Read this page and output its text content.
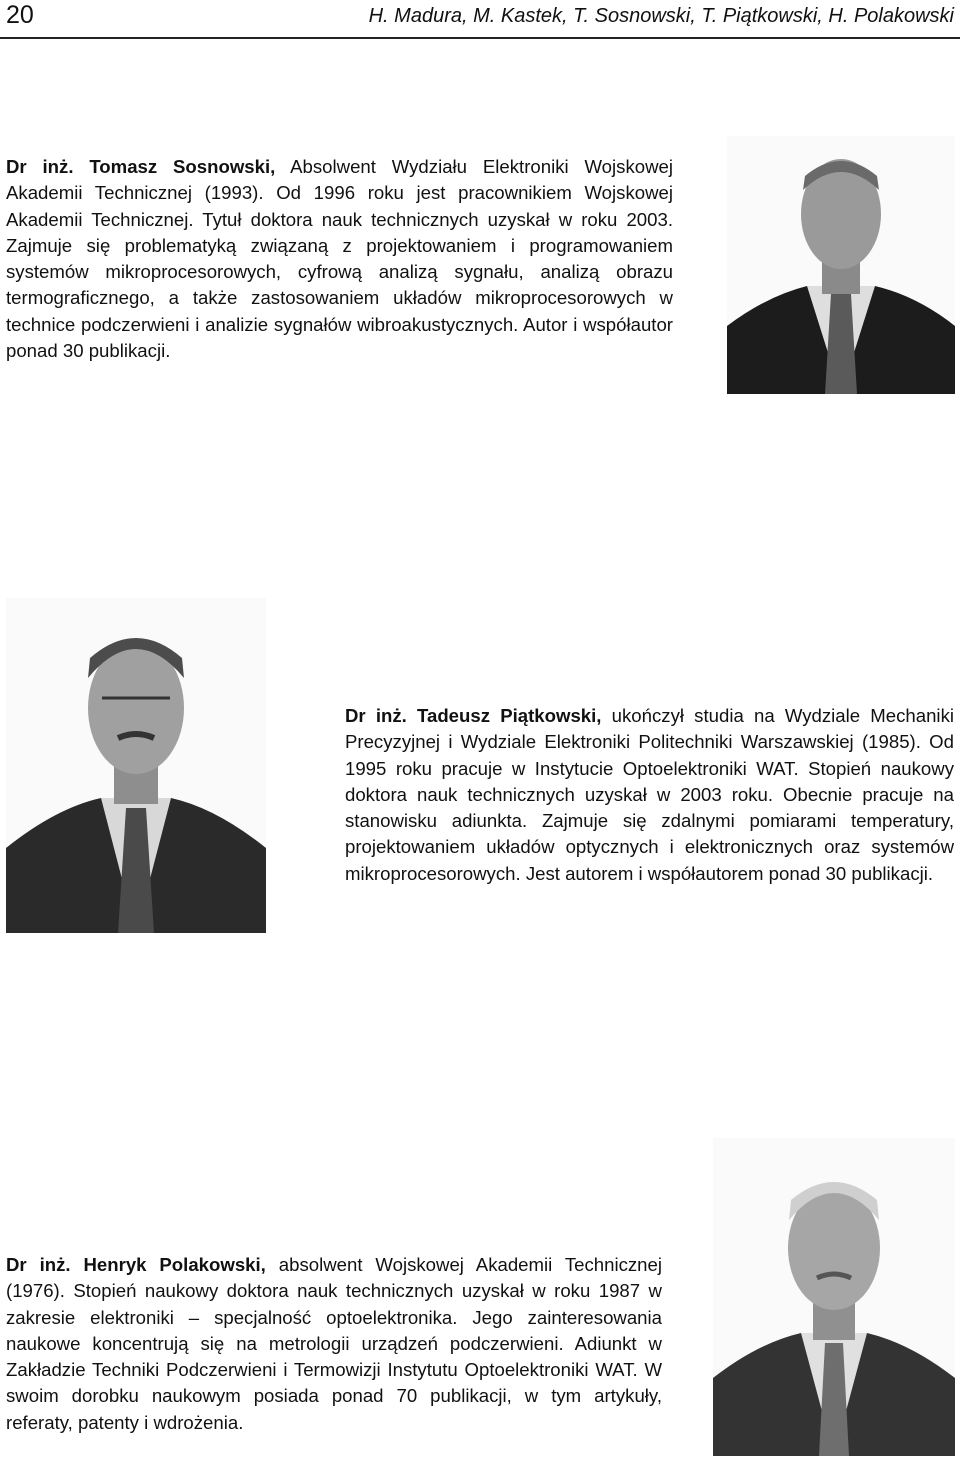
20	H. Madura, M. Kastek, T. Sosnowski, T. Piątkowski, H. Polakowski
Dr inż. Tomasz Sosnowski, Absolwent Wydziału Elektroniki Wojskowej Akademii Technicznej (1993). Od 1996 roku jest pracownikiem Wojskowej Akademii Technicznej. Tytuł doktora nauk technicznych uzyskał w roku 2003. Zajmuje się problematyką związaną z projektowaniem i programowaniem systemów mikroprocesorowych, cyfrową analizą sygnału, analizą obrazu termograficznego, a także zastosowaniem układów mikroprocesorowych w technice podczerwieni i analizie sygnałów wibroakustycznych. Autor i współautor ponad 30 publikacji.
Dr inż. Tadeusz Piątkowski, ukończył studia na Wydziale Mechaniki Precyzyjnej i Wydziale Elektroniki Politechniki Warszawskiej (1985). Od 1995 roku pracuje w Instytucie Optoelektroniki WAT. Stopień naukowy doktora nauk technicznych uzyskał w 2003 roku. Obecnie pracuje na stanowisku adiunkta. Zajmuje się zdalnymi pomiarami temperatury, projektowaniem układów optycznych i elektronicznych oraz systemów mikroprocesorowych. Jest autorem i współautorem ponad 30 publikacji.
Dr inż. Henryk Polakowski, absolwent Wojskowej Akademii Technicznej (1976). Stopień naukowy doktora nauk technicznych uzyskał w roku 1987 w zakresie elektroniki – specjalność optoelektronika. Jego zainteresowania naukowe koncentrują się na metrologii urządzeń podczerwieni. Adiunkt w Zakładzie Techniki Podczerwieni i Termowizji Instytutu Optoelektroniki WAT. W swoim dorobku naukowym posiada ponad 70 publikacji, w tym artykuły, referaty, patenty i wdrożenia.
